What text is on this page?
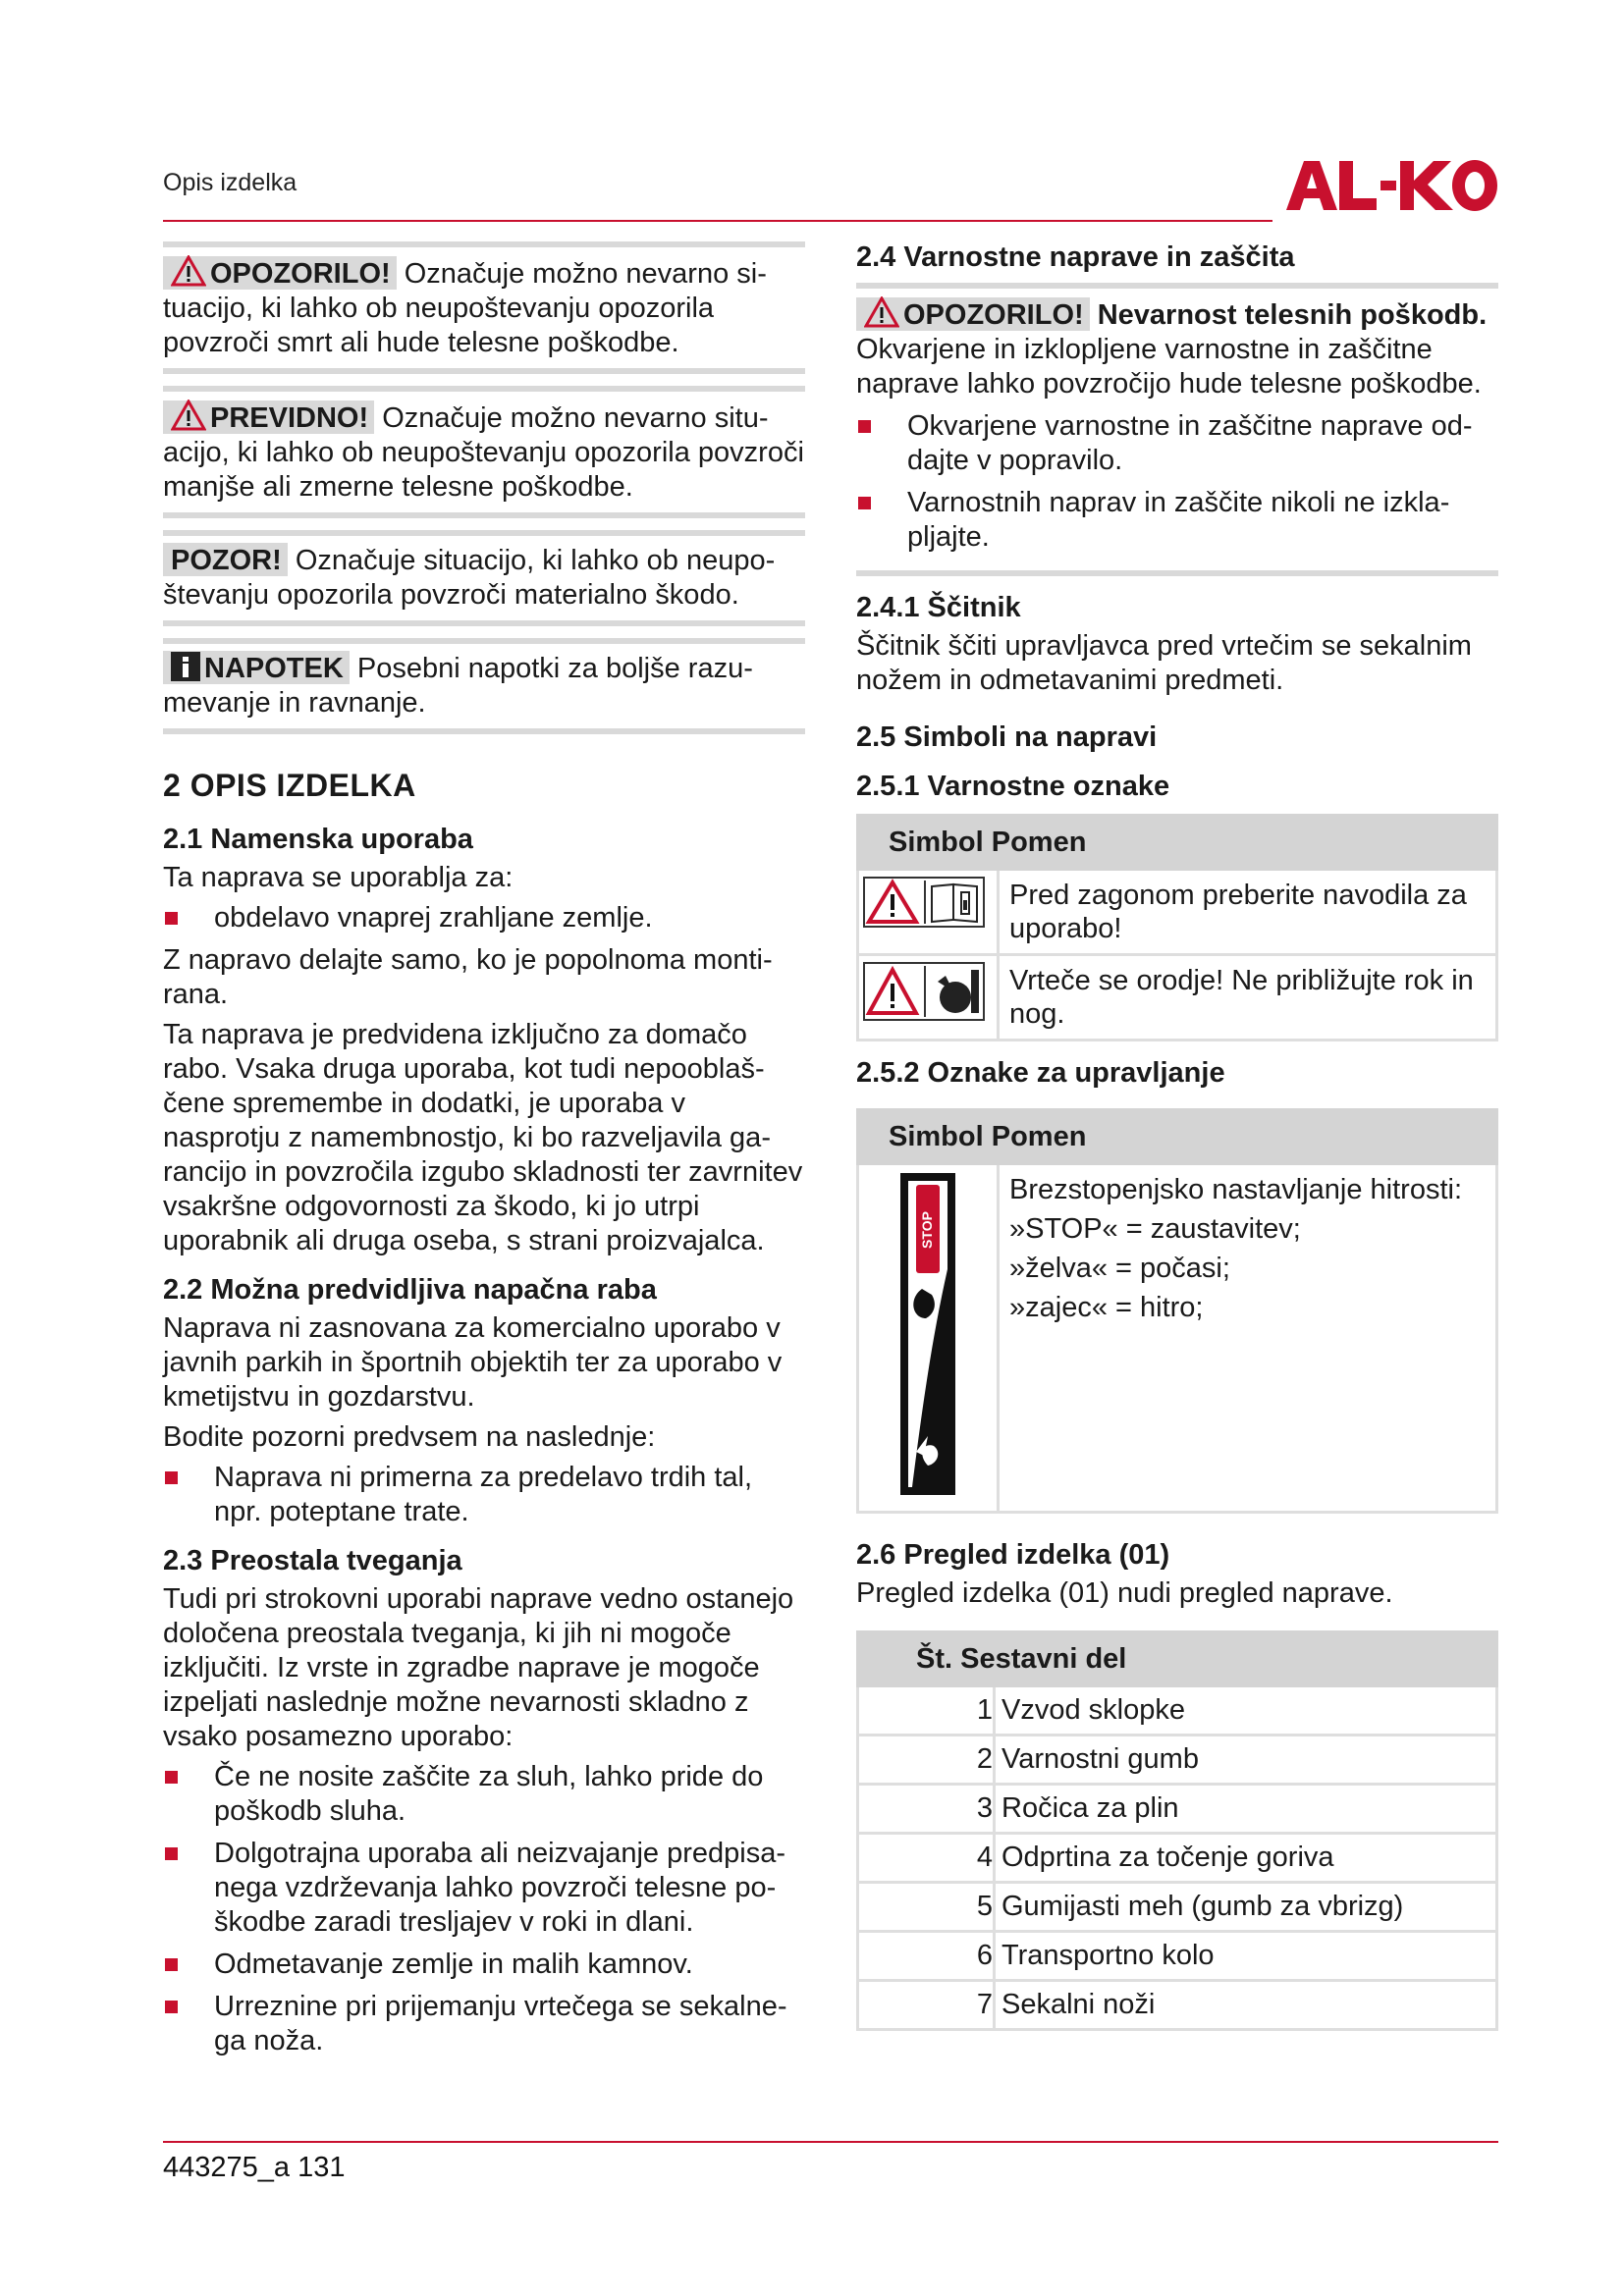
Opis izdelka
OPOZORILO! Označuje možno nevarno situacijo, ki lahko ob neupoštevanju opozorila povzroči smrt ali hude telesne poškodbe.
PREVIDNO! Označuje možno nevarno situacijo, ki lahko ob neupoštevanju opozorila povzroči manjše ali zmerne telesne poškodbe.
POZOR! Označuje situacijo, ki lahko ob neupoštevanju opozorila povzroči materialno škodo.
NAPOTEK Posebni napotki za boljše razumevanje in ravnanje.
2 OPIS IZDELKA
2.1 Namenska uporaba

Ta naprava se uporablja za:

obdelavo vnaprej zrahljane zemlje.

Z napravo delajte samo, ko je popolnoma montirana.

Ta naprava je predvidena izključno za domačo rabo. Vsaka druga uporaba, kot tudi nepooblaščene spremembe in dodatki, je uporaba v nasprotju z namembnostjo, ki bo razveljavila garancijo in povzročila izgubo skladnosti ter zavrnitev vsakršne odgovornosti za škodo, ki jo utrpi uporabnik ali druga oseba, s strani proizvajalca.

2.2 Možna predvidljiva napačna raba

Naprava ni zasnovana za komercialno uporabo v javnih parkih in športnih objektih ter za uporabo v kmetijstvu in gozdarstvu.

Bodite pozorni predvsem na naslednje:

Naprava ni primerna za predelavo trdih tal, npr. poteptane trate.
2.3 Preostala tveganja

Tudi pri strokovni uporabi naprave vedno ostanejo določena preostala tveganja, ki jih ni mogoče izključiti. Iz vrste in zgradbe naprave je mogoče izpeljati naslednje možne nevarnosti skladno z vsako posamezno uporabo:

Če ne nosite zaščite za sluh, lahko pride do poškodb sluha.
Dolgotrajna uporaba ali neizvajanje predpisanega vzdrževanja lahko povzroči telesne poškodbe zaradi tresljajev v roki in dlani.
Odmetavanje zemlje in malih kamnov.
Urreznine pri prijemanju vrtečega se sekalnega noža.
2.4 Varnostne naprave in zaščita
OPOZORILO! Nevarnost telesnih poškodb. Okvarjene in izklopljene varnostne in zaščitne naprave lahko povzročijo hude telesne poškodbe.
Okvarjene varnostne in zaščitne naprave oddajte v popravilo.
Varnostnih naprav in zaščite nikoli ne izklapljajte.
2.4.1 Ščitnik

Ščitnik ščiti upravljavca pred vrtečim se sekalnim nožem in odmetavanimi predmeti.

2.5 Simboli na napravi
2.5.1 Varnostne oznake
Simbol Pomen	
	Pred zagonom preberite navodila za uporabo!
	Vrteče se orodje! Ne približujte rok in nog.
2.5.2 Oznake za upravljanje
Simbol Pomen

STOP

Brezstopenjsko nastavljanje hitrosti:
»STOP« = zaustavitev;
»želva« = počasi;
»zajec« = hitro;
2.6 Pregled izdelka (01)

Pregled izdelka (01) nudi pregled naprave.

Št. Sestavni del	
1	Vzvod sklopke
2	Varnostni gumb
3	Ročica za plin
4	Odprtina za točenje goriva
5	Gumijasti meh (gumb za vbrizg)
6	Transportno kolo
7	Sekalni noži
443275_a 131
